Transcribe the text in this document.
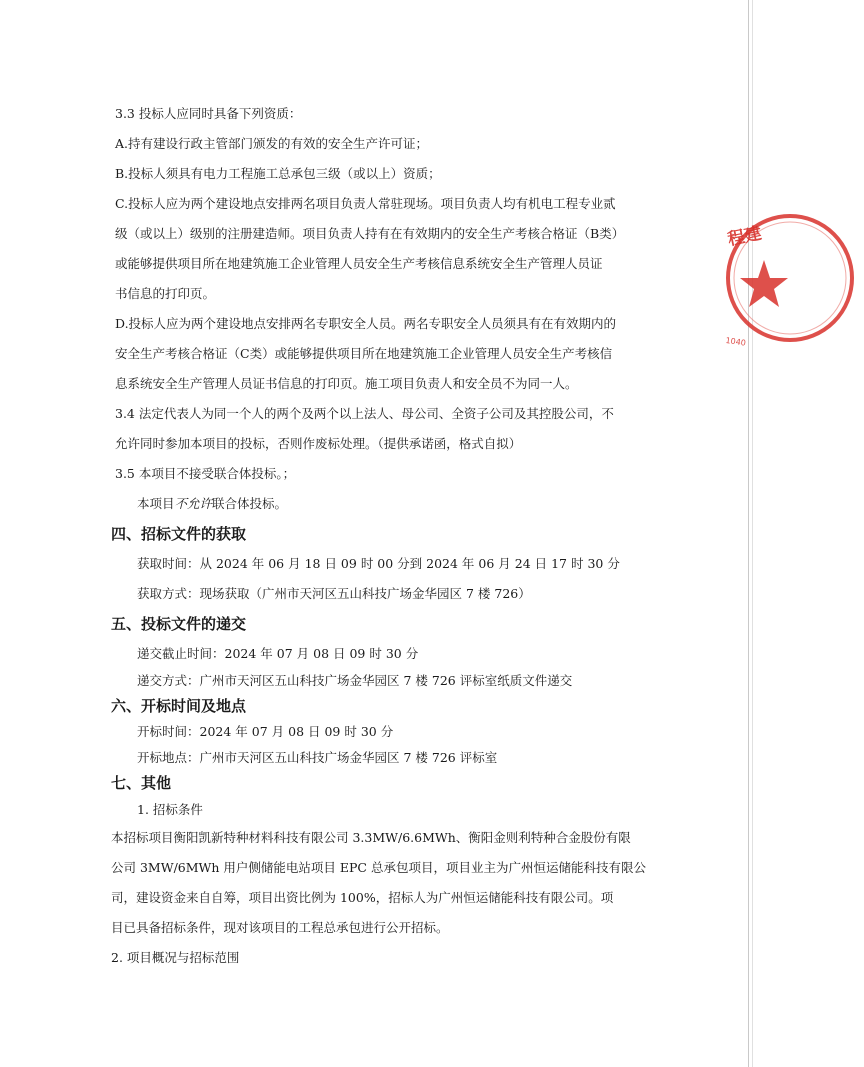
3.3 投标人应同时具备下列资质：
A.持有建设行政主管部门颁发的有效的安全生产许可证；
B.投标人须具有电力工程施工总承包三级（或以上）资质；
C.投标人应为两个建设地点安排两名项目负责人常驻现场。项目负责人均有机电工程专业贰
级（或以上）级别的注册建造师。项目负责人持有在有效期内的安全生产考核合格证（B类）
或能够提供项目所在地建筑施工企业管理人员安全生产考核信息系统安全生产管理人员证
书信息的打印页。
D.投标人应为两个建设地点安排两名专职安全人员。两名专职安全人员须具有在有效期内的
安全生产考核合格证（C类）或能够提供项目所在地建筑施工企业管理人员安全生产考核信
息系统安全生产管理人员证书信息的打印页。施工项目负责人和安全员不为同一人。
3.4 法定代表人为同一个人的两个及两个以上法人、母公司、全资子公司及其控股公司，不
允许同时参加本项目的投标，否则作废标处理。（提供承诺函，格式自拟）
3.5 本项目不接受联合体投标。；
本项目不允许联合体投标。
四、招标文件的获取
获取时间：从 2024 年 06 月 18 日 09 时 00 分到 2024 年 06 月 24 日 17 时 30 分
获取方式：现场获取（广州市天河区五山科技广场金华园区 7 楼 726）
五、投标文件的递交
递交截止时间：2024 年 07 月 08 日 09 时 30 分
递交方式：广州市天河区五山科技广场金华园区 7 楼 726 评标室纸质文件递交
六、开标时间及地点
开标时间：2024 年 07 月 08 日 09 时 30 分
开标地点：广州市天河区五山科技广场金华园区 7 楼 726 评标室
七、其他
1. 招标条件
本招标项目衡阳凯新特种材料科技有限公司 3.3MW/6.6MWh、衡阳金则利特种合金股份有限
公司 3MW/6MWh 用户侧储能电站项目 EPC 总承包项目，项目业主为广州恒运储能科技有限公
司，建设资金来自自筹，项目出资比例为 100%，招标人为广州恒运储能科技有限公司。项
目已具备招标条件，现对该项目的工程总承包进行公开招标。
2. 项目概况与招标范围
程建
1040
